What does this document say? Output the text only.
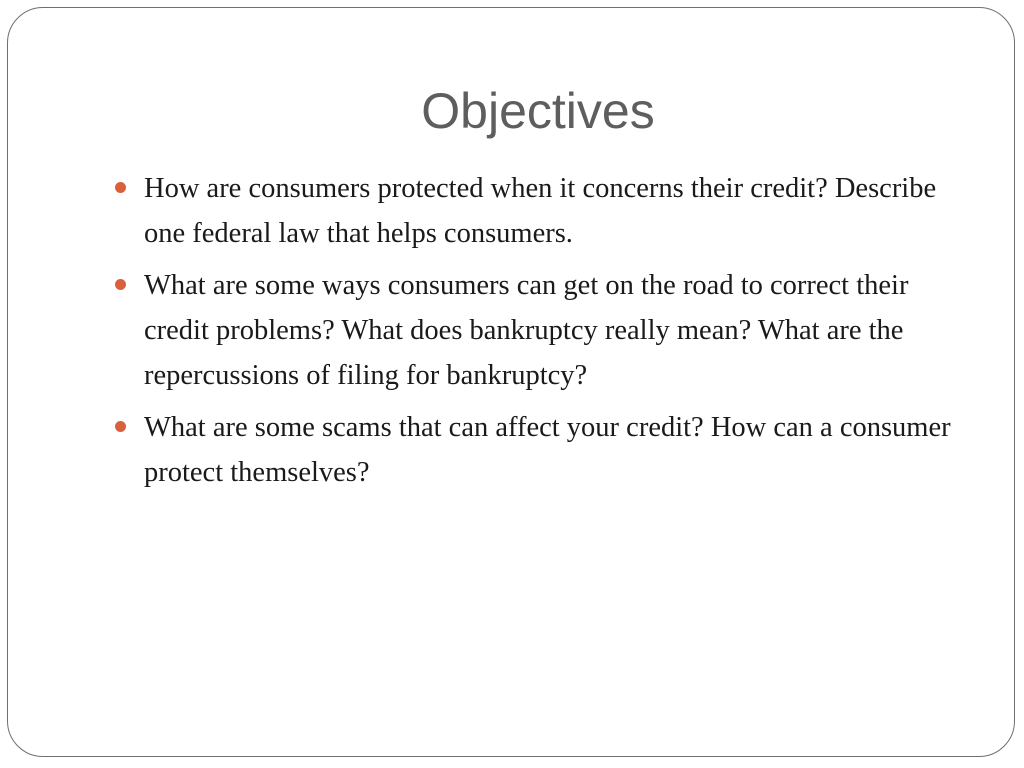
Objectives
How are consumers protected when it concerns their credit? Describe one federal law that helps consumers.
What are some ways consumers can get on the road to correct their credit problems? What does bankruptcy really mean? What are the repercussions of filing for bankruptcy?
What are some scams that can affect your credit? How can a consumer protect themselves?
